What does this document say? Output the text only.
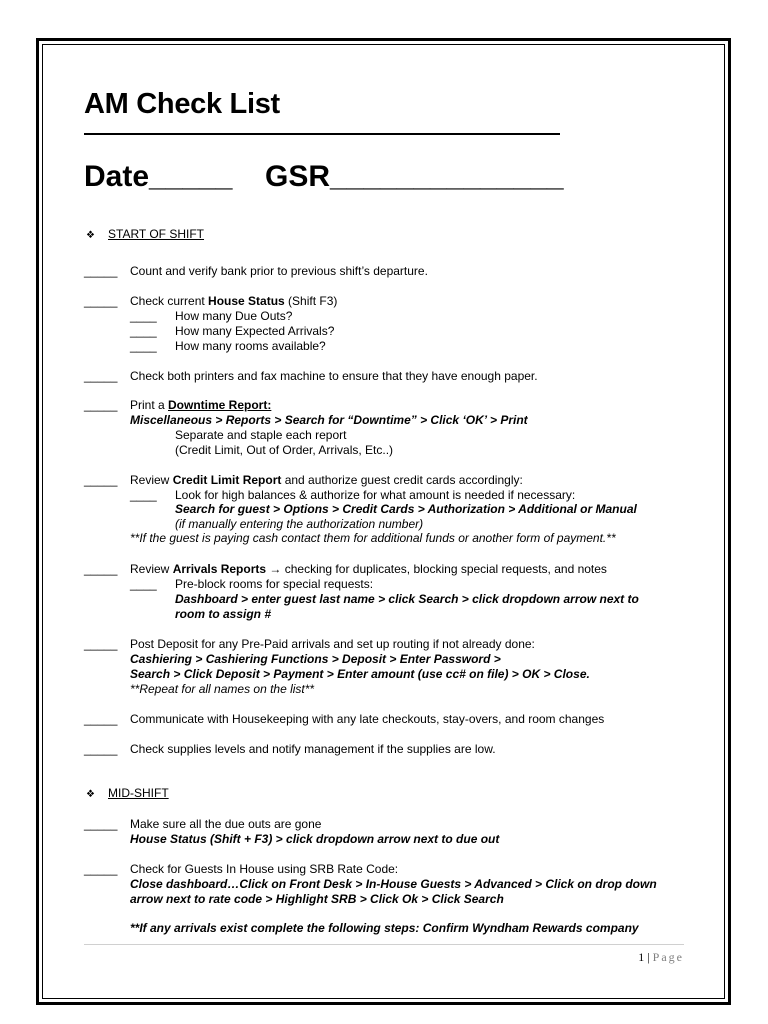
AM Check List
Date_____ GSR______________
❖ START OF SHIFT
_____ Count and verify bank prior to previous shift’s departure.
_____ Check current House Status (Shift F3)
____ How many Due Outs?
____ How many Expected Arrivals?
____ How many rooms available?
_____ Check both printers and fax machine to ensure that they have enough paper.
_____ Print a Downtime Report:
Miscellaneous > Reports > Search for “Downtime” > Click ‘OK’ > Print
Separate and staple each report
(Credit Limit, Out of Order, Arrivals, Etc..)
_____ Review Credit Limit Report and authorize guest credit cards accordingly:
____ Look for high balances & authorize for what amount is needed if necessary:
Search for guest > Options > Credit Cards > Authorization > Additional or Manual
(if manually entering the authorization number)
**If the guest is paying cash contact them for additional funds or another form of payment.**
_____ Review Arrivals Reports → checking for duplicates, blocking special requests, and notes
____ Pre-block rooms for special requests:
Dashboard > enter guest last name > click Search > click dropdown arrow next to
room to assign #
_____ Post Deposit for any Pre-Paid arrivals and set up routing if not already done:
Cashiering > Cashiering Functions > Deposit > Enter Password >
Search > Click Deposit > Payment > Enter amount (use cc# on file) > OK > Close.
**Repeat for all names on the list**
_____ Communicate with Housekeeping with any late checkouts, stay-overs, and room changes
_____ Check supplies levels and notify management if the supplies are low.
❖ MID-SHIFT
_____ Make sure all the due outs are gone
House Status (Shift + F3) > click dropdown arrow next to due out
_____ Check for Guests In House using SRB Rate Code:
Close dashboard…Click on Front Desk > In-House Guests > Advanced > Click on drop down
arrow next to rate code > Highlight SRB > Click Ok > Click Search
**If any arrivals exist complete the following steps: Confirm Wyndham Rewards company
1 | Page
